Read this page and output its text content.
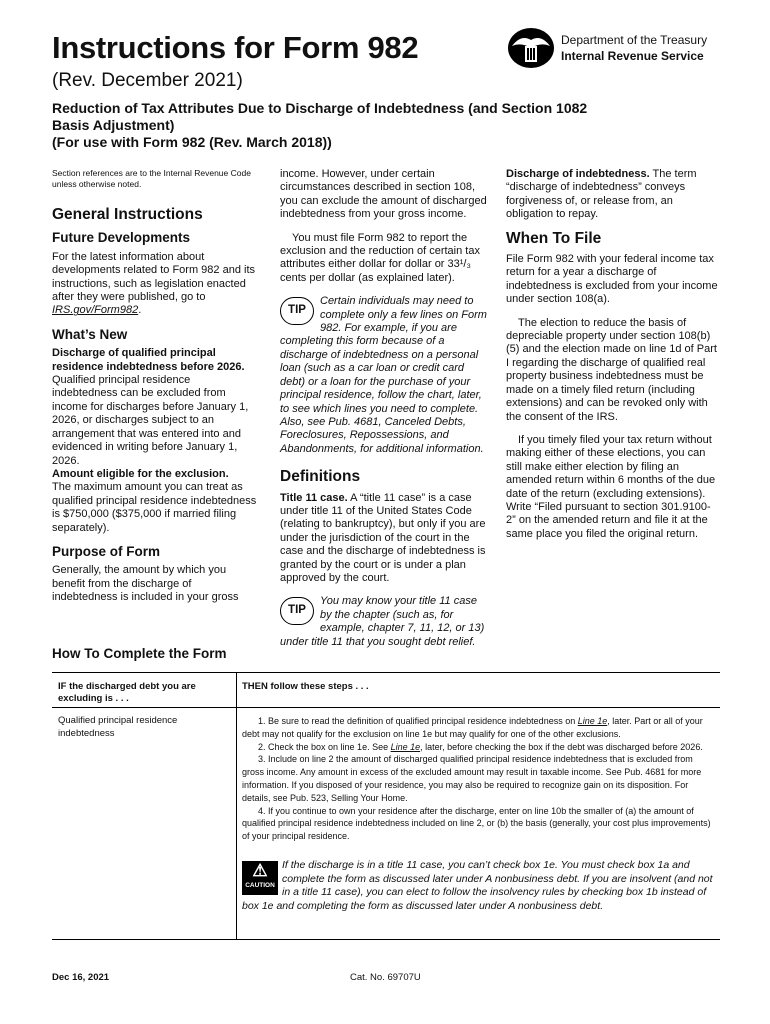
Instructions for Form 982	Department of the Treasury
Internal Revenue Service
(Rev. December 2021)
Reduction of Tax Attributes Due to Discharge of Indebtedness (and Section 1082
Basis Adjustment)
(For use with Form 982 (Rev. March 2018))

Section references are to the Internal Revenue Code unless otherwise noted.

General Instructions
Future Developments

For the latest information about developments related to Form 982 and its instructions, such as legislation enacted after they were published, go to IRS.gov/Form982.

What’s New
Discharge of qualified principal residence indebtedness before 2026.
Qualified principal residence indebtedness can be excluded from income for discharges before January 1, 2026, or discharges subject to an arrangement that was entered into and evidenced in writing before January 1, 2026.
Amount eligible for the exclusion.
The maximum amount you can treat as qualified principal residence indebtedness is $750,000 ($375,000 if married filing separately).
Purpose of Form

Generally, the amount by which you benefit from the discharge of indebtedness is included in your gross

income. However, under certain circumstances described in section 108, you can exclude the amount of discharged indebtedness from your gross income.

You must file Form 982 to report the exclusion and the reduction of certain tax attributes either dollar for dollar or 33¹/₃ cents per dollar (as explained later).

TIP
Certain individuals may need to complete only a few lines on Form 982. For example, if you are completing this form because of a discharge of indebtedness on a personal loan (such as a car loan or credit card debt) or a loan for the purchase of your principal residence, follow the chart, later, to see which lines you need to complete. Also, see Pub. 4681, Canceled Debts, Foreclosures, Repossessions, and Abandonments, for additional information.
Definitions

Title 11 case. A “title 11 case” is a case under title 11 of the United States Code (relating to bankruptcy), but only if you are under the jurisdiction of the court in the case and the discharge of indebtedness is granted by the court or is under a plan approved by the court.

TIP
You may know your title 11 case by the chapter (such as, for example, chapter 7, 11, 12, or 13) under title 11 that you sought debt relief.

Discharge of indebtedness. The term “discharge of indebtedness” conveys forgiveness of, or release from, an obligation to repay.

When To File

File Form 982 with your federal income tax return for a year a discharge of indebtedness is excluded from your income under section 108(a).

The election to reduce the basis of depreciable property under section 108(b)(5) and the election made on line 1d of Part I regarding the discharge of qualified real property business indebtedness must be made on a timely filed return (including extensions) and can be revoked only with the consent of the IRS.

If you timely filed your tax return without making either of these elections, you can still make either election by filing an amended return within 6 months of the due date of the return (excluding extensions). Write “Filed pursuant to section 301.9100-2” on the amended return and file it at the same place you filed the original return.

How To Complete the Form
IF the discharged debt you are excluding is . . .
THEN follow these steps . . .
Qualified principal residence indebtedness
1. Be sure to read the definition of qualified principal residence indebtedness on Line 1e, later. Part or all of your debt may not qualify for the exclusion on line 1e but may qualify for one of the other exclusions.
2. Check the box on line 1e. See Line 1e, later, before checking the box if the debt was discharged before 2026.
3. Include on line 2 the amount of discharged qualified principal residence indebtedness that is excluded from gross income. Any amount in excess of the excluded amount may result in taxable income. See Pub. 4681 for more information. If you disposed of your residence, you may also be required to recognize gain on its disposition. For details, see Pub. 523, Selling Your Home.
4. If you continue to own your residence after the discharge, enter on line 10b the smaller of (a) the amount of qualified principal residence indebtedness included on line 2, or (b) the basis (generally, your cost plus improvements) of your principal residence.
⚠
CAUTION
If the discharge is in a title 11 case, you can’t check box 1e. You must check box 1a and complete the form as discussed later under A nonbusiness debt. If you are insolvent (and not in a title 11 case), you can elect to follow the insolvency rules by checking box 1b instead of box 1e and completing the form as discussed later under A nonbusiness debt.
Dec 16, 2021	Cat. No. 69707U
